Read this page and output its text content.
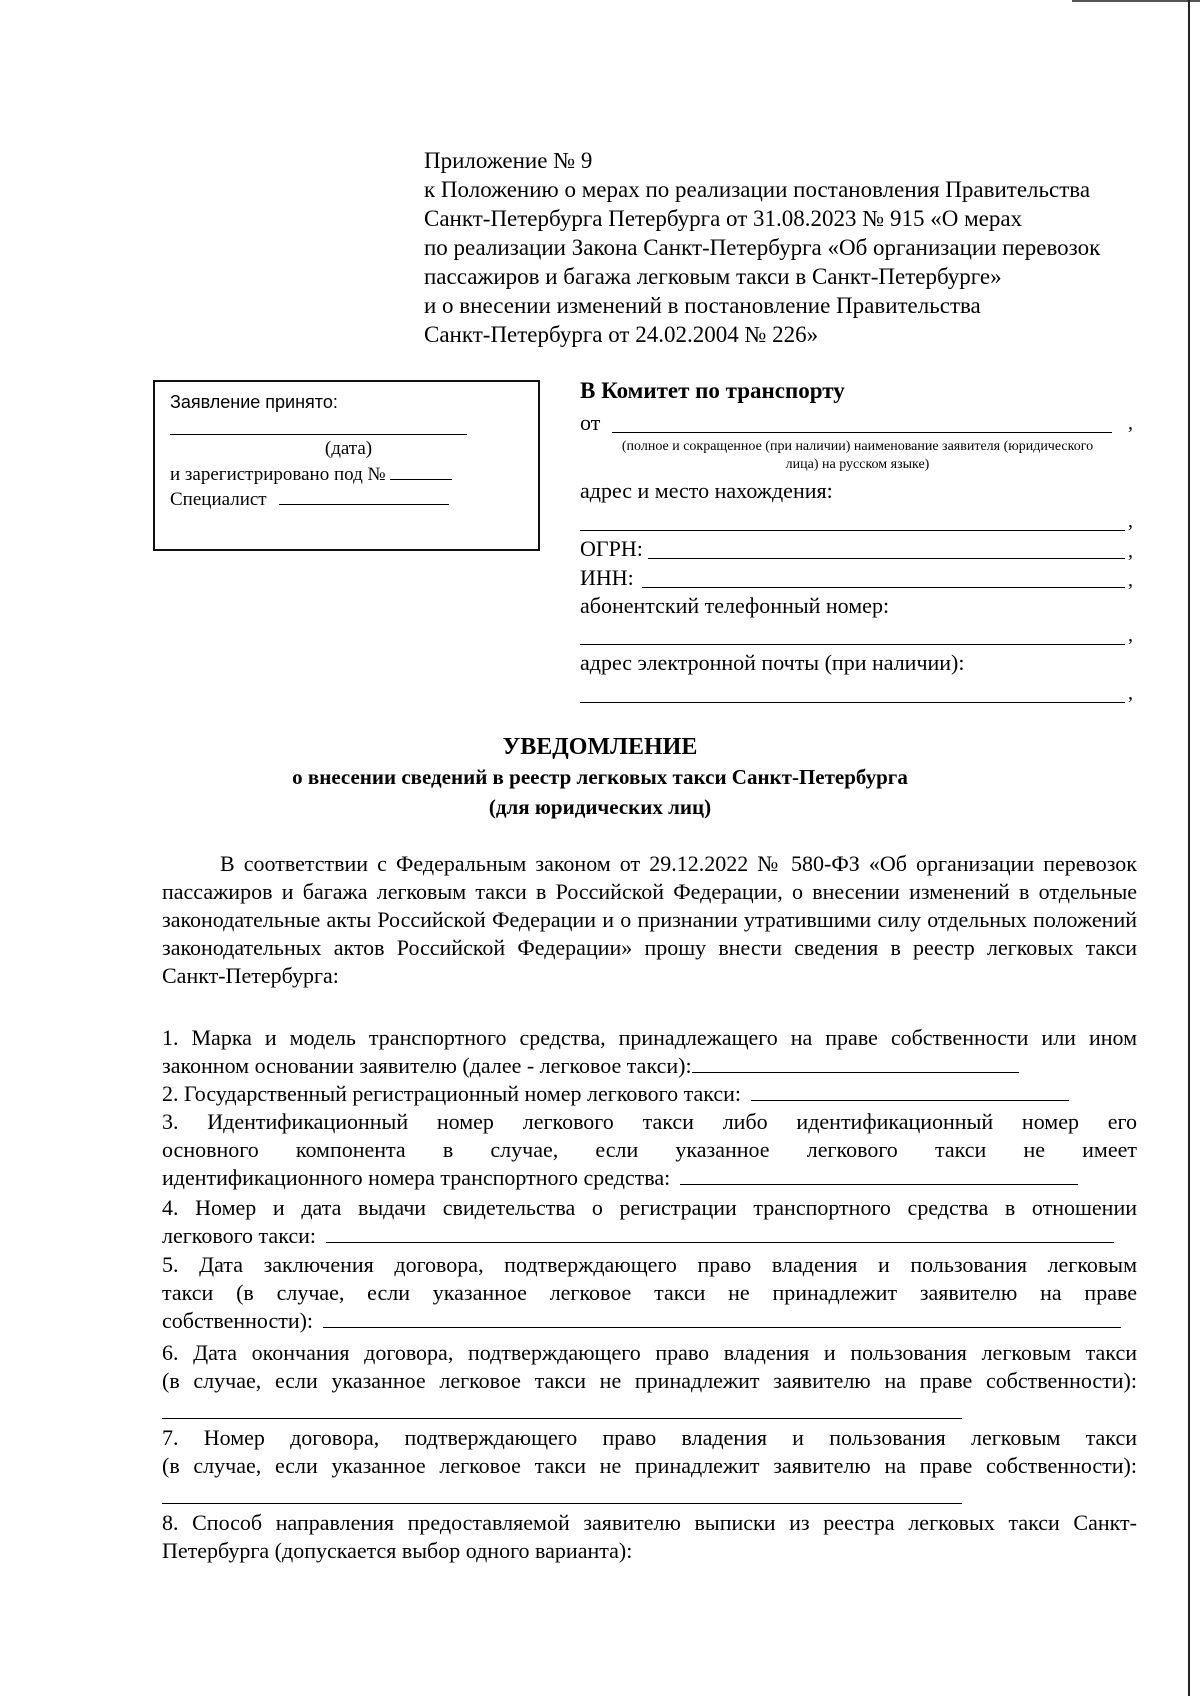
Приложение № 9
к Положению о мерах по реализации постановления Правительства
Санкт-Петербурга Петербурга от 31.08.2023 № 915 «О мерах
по реализации Закона Санкт-Петербурга «Об организации перевозок
пассажиров и багажа легковым такси в Санкт-Петербурге»
и о внесении изменений в постановление Правительства
Санкт-Петербурга от 24.02.2004 № 226»
Заявление принято:
(дата)
и зарегистрировано под №
Специалист
В Комитет по транспорту
от	,
(полное и сокращенное (при наличии) наименование заявителя (юридического
лица) на русском языке)
адрес и место нахождения:
,
ОГРН:	,
ИНН:	,
абонентский телефонный номер:
,
адрес электронной почты (при наличии):
,
УВЕДОМЛЕНИЕ
о внесении сведений в реестр легковых такси Санкт-Петербурга
(для юридических лиц)
В соответствии с Федеральным законом от 29.12.2022 № 580-ФЗ «Об организации перевозок пассажиров и багажа легковым такси в Российской Федерации, о внесении изменений в отдельные законодательные акты Российской Федерации и о признании утратившими силу отдельных положений законодательных актов Российской Федерации» прошу внести сведения в реестр легковых такси Санкт-Петербурга:
1. Марка и модель транспортного средства, принадлежащего на праве собственности или ином
законном основании заявителю (далее - легковое такси):
2. Государственный регистрационный номер легкового такси:
3. Идентификационный номер легкового такси либо идентификационный номер его
основного компонента в случае, если указанное легкового такси не имеет
идентификационного номера транспортного средства:
4. Номер и дата выдачи свидетельства о регистрации транспортного средства в отношении
легкового такси:
5. Дата заключения договора, подтверждающего право владения и пользования легковым
такси (в случае, если указанное легковое такси не принадлежит заявителю на праве
собственности):
6. Дата окончания договора, подтверждающего право владения и пользования легковым такси
(в случае, если указанное легковое такси не принадлежит заявителю на праве собственности):
7. Номер договора, подтверждающего право владения и пользования легковым такси
(в случае, если указанное легковое такси не принадлежит заявителю на праве собственности):
8. Способ направления предоставляемой заявителю выписки из реестра легковых такси Санкт-
Петербурга (допускается выбор одного варианта):
